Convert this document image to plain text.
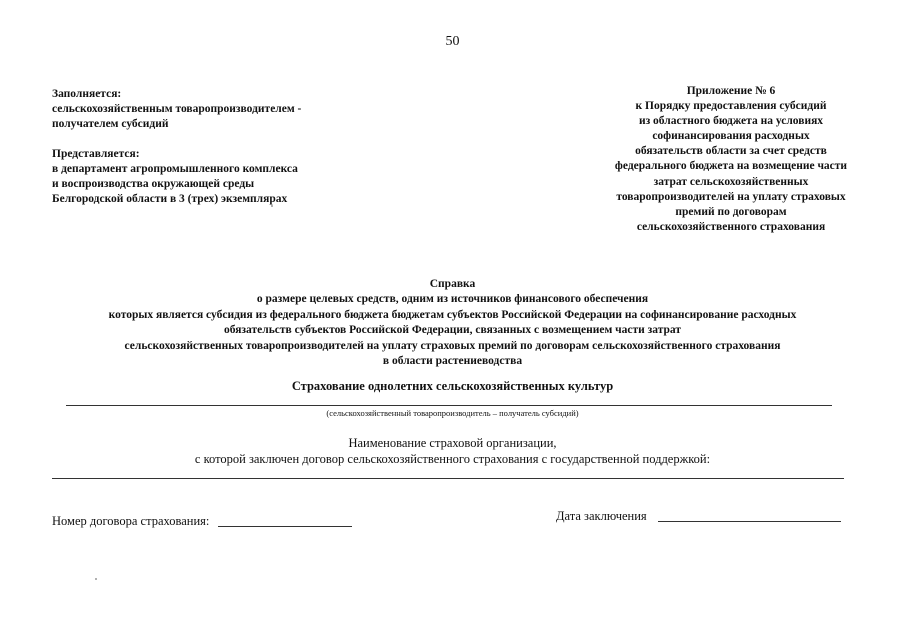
50
Заполняется:
сельскохозяйственным товаропроизводителем -
получателем субсидий
Представляется:
в департамент агропромышленного комплекса
и воспроизводства окружающей среды
Белгородской области в 3 (трех) экземплярах
Приложение № 6
к Порядку предоставления субсидий
из областного бюджета на условиях
софинансирования расходных
обязательств области за счет средств
федерального бюджета на возмещение части
затрат сельскохозяйственных
товаропроизводителей на уплату страховых
премий по договорам
сельскохозяйственного страхования
Справка
о размере целевых средств, одним из источников финансового обеспечения
которых является субсидия из федерального бюджета бюджетам субъектов Российской Федерации на софинансирование расходных
обязательств субъектов Российской Федерации, связанных с возмещением части затрат
сельскохозяйственных товаропроизводителей на уплату страховых премий по договорам сельскохозяйственного страхования
в области растениеводства
Страхование однолетних сельскохозяйственных культур
(сельскохозяйственный товаропроизводитель – получатель субсидий)
Наименование страховой организации,
с которой заключен договор сельскохозяйственного страхования с государственной поддержкой:
Номер договора страхования:	Дата заключения
